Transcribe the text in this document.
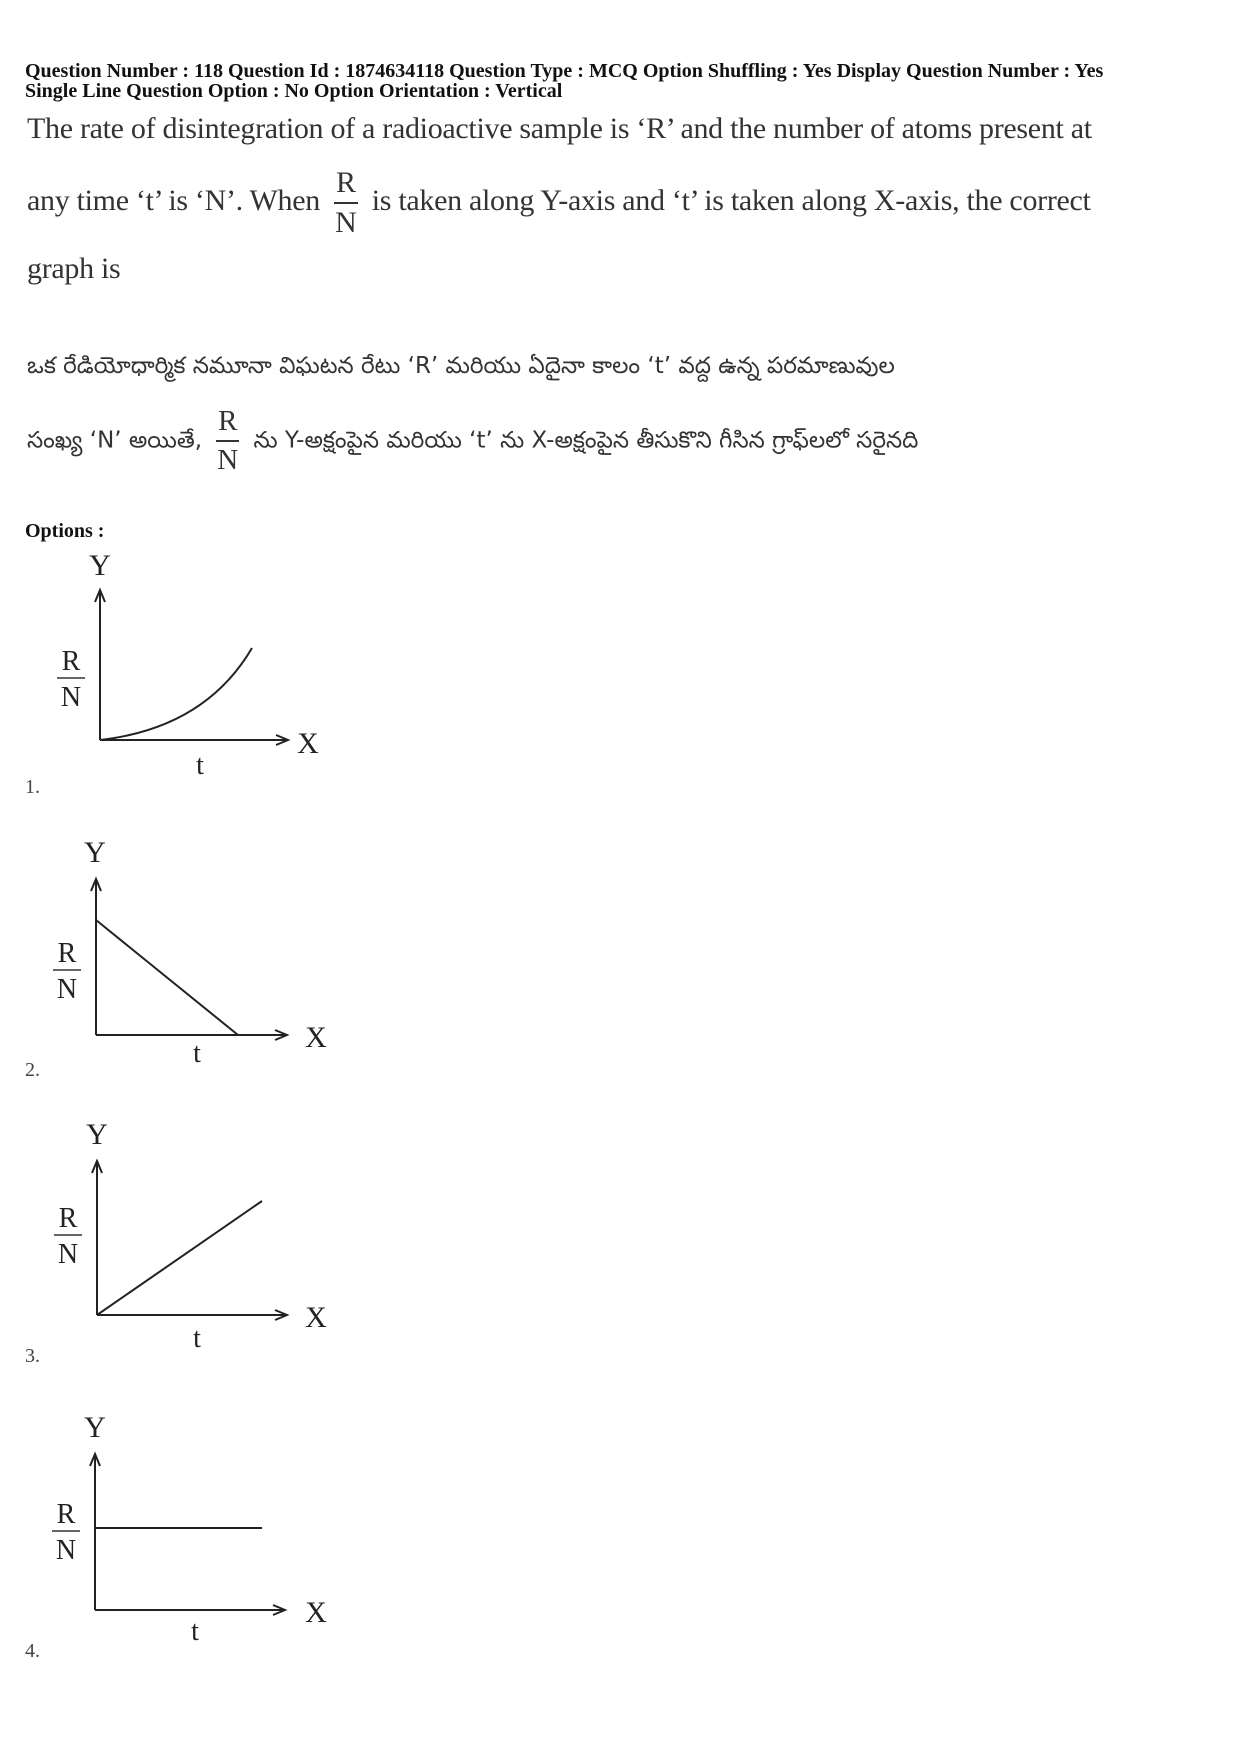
Question Number : 118 Question Id : 1874634118 Question Type : MCQ Option Shuffling : Yes Display Question Number : Yes
Single Line Question Option : No Option Orientation : Vertical
The rate of disintegration of a radioactive sample is ‘R’ and the number of atoms present at
any time ‘t’ is ‘N’. When $\frac{R}{N}$ is taken along Y-axis and ‘t’ is taken along X-axis, the correct
graph is
ఒక రేడియోధార్మిక నమూనా విఘటన రేటు ‘R’ మరియు ఏదైనా కాలం ‘t’ వద్ద ఉన్న పరమాణువుల
సంఖ్య ‘N’ అయితే, $\frac{R}{N}$ ను Y-అక్షంపైన మరియు ‘t’ ను X-అక్షంపైన తీసుకొని గీసిన గ్రాఫ్‌లలో సరైనది
Options :
Y
R
N
X
t
1.
Y
R
N
X
t
2.
Y
R
N
X
t
3.
Y
R
N
X
t
4.
